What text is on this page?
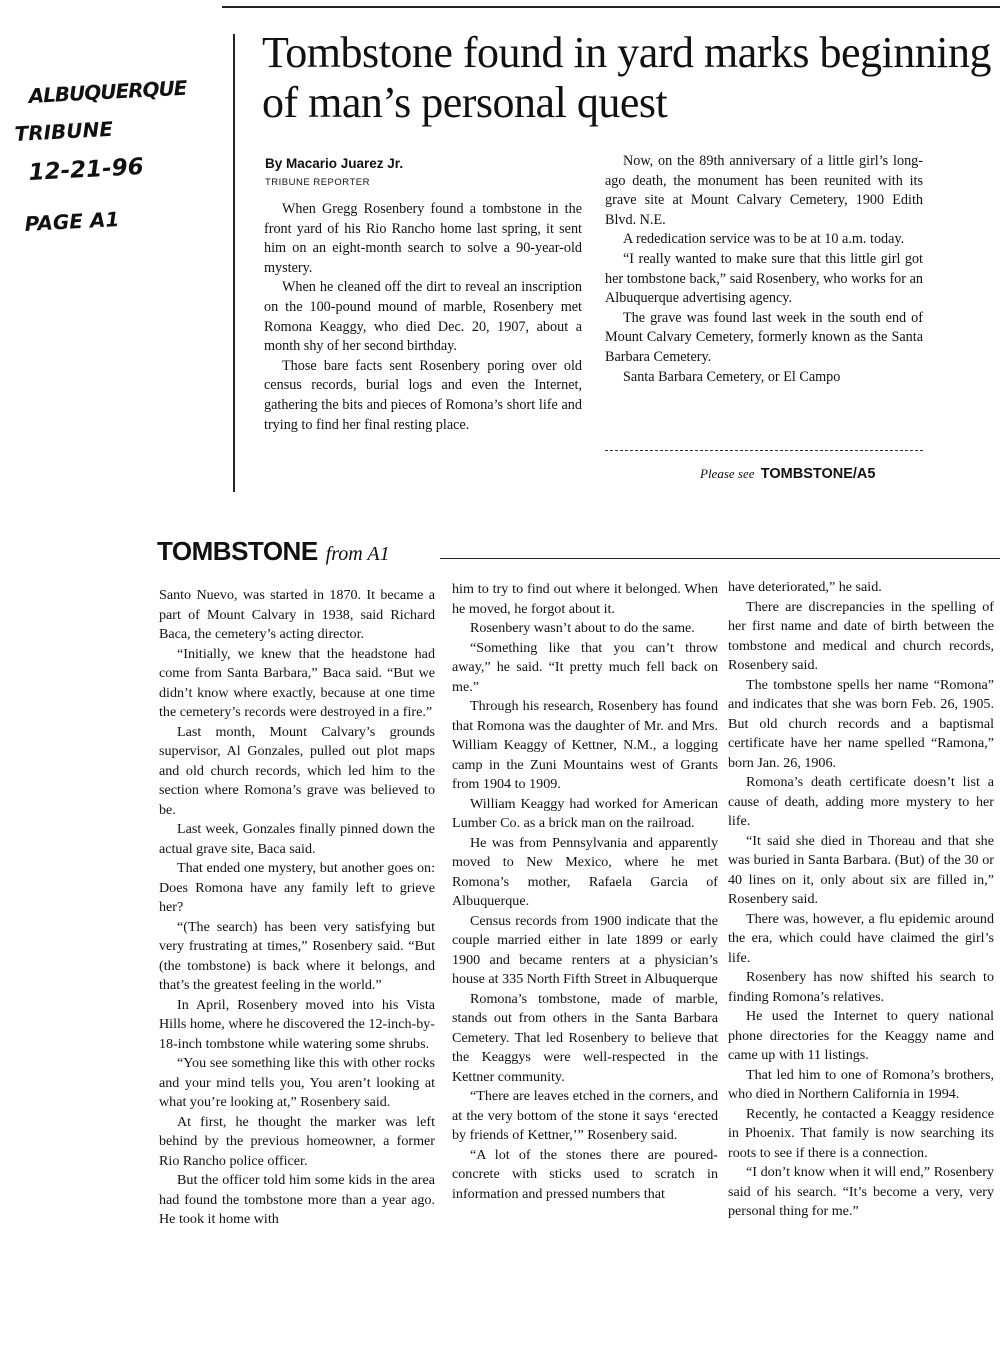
ALBUQUERQUE
TRIBUNE
12-21-96
PAGE A1
Tombstone found in yard marks beginning of man’s personal quest
By Macario Juarez Jr.
TRIBUNE REPORTER

When Gregg Rosenbery found a tombstone in the front yard of his Rio Rancho home last spring, it sent him on an eight-month search to solve a 90-year-old mystery.

When he cleaned off the dirt to reveal an inscription on the 100-pound mound of marble, Rosenbery met Romona Keaggy, who died Dec. 20, 1907, about a month shy of her second birthday.

Those bare facts sent Rosenbery poring over old census records, burial logs and even the Internet, gathering the bits and pieces of Romona’s short life and trying to find her final resting place.

Now, on the 89th anniversary of a little girl’s long-ago death, the monument has been reunited with its grave site at Mount Calvary Cemetery, 1900 Edith Blvd. N.E.

A rededication service was to be at 10 a.m. today.

“I really wanted to make sure that this little girl got her tombstone back,” said Rosenbery, who works for an Albuquerque advertising agency.

The grave was found last week in the south end of Mount Calvary Cemetery, formerly known as the Santa Barbara Cemetery.

Santa Barbara Cemetery, or El Campo

Please see TOMBSTONE/A5
TOMBSTONE from A1

Santo Nuevo, was started in 1870. It became a part of Mount Calvary in 1938, said Richard Baca, the cemetery’s acting director.

“Initially, we knew that the headstone had come from Santa Barbara,” Baca said. “But we didn’t know where exactly, because at one time the cemetery’s records were destroyed in a fire.”

Last month, Mount Calvary’s grounds supervisor, Al Gonzales, pulled out plot maps and old church records, which led him to the section where Romona’s grave was believed to be.

Last week, Gonzales finally pinned down the actual grave site, Baca said.

That ended one mystery, but another goes on: Does Romona have any family left to grieve her?

“(The search) has been very satisfying but very frustrating at times,” Rosenbery said. “But (the tombstone) is back where it belongs, and that’s the greatest feeling in the world.”

In April, Rosenbery moved into his Vista Hills home, where he discovered the 12-inch-by-18-inch tombstone while watering some shrubs.

“You see something like this with other rocks and your mind tells you, You aren’t looking at what you’re looking at,” Rosenbery said.

At first, he thought the marker was left behind by the previous homeowner, a former Rio Rancho police officer.

But the officer told him some kids in the area had found the tombstone more than a year ago. He took it home with

him to try to find out where it belonged. When he moved, he forgot about it.

Rosenbery wasn’t about to do the same.

“Something like that you can’t throw away,” he said. “It pretty much fell back on me.”

Through his research, Rosenbery has found that Romona was the daughter of Mr. and Mrs. William Keaggy of Kettner, N.M., a logging camp in the Zuni Mountains west of Grants from 1904 to 1909.

William Keaggy had worked for American Lumber Co. as a brick man on the railroad.

He was from Pennsylvania and apparently moved to New Mexico, where he met Romona’s mother, Rafaela Garcia of Albuquerque.

Census records from 1900 indicate that the couple married either in late 1899 or early 1900 and became renters at a physician’s house at 335 North Fifth Street in Albuquerque

Romona’s tombstone, made of marble, stands out from others in the Santa Barbara Cemetery. That led Rosenbery to believe that the Keaggys were well-respected in the Kettner community.

“There are leaves etched in the corners, and at the very bottom of the stone it says ‘erected by friends of Kettner,’” Rosenbery said.

“A lot of the stones there are poured-concrete with sticks used to scratch in information and pressed numbers that

have deteriorated,” he said.

There are discrepancies in the spelling of her first name and date of birth between the tombstone and medical and church records, Rosenbery said.

The tombstone spells her name “Romona” and indicates that she was born Feb. 26, 1905. But old church records and a baptismal certificate have her name spelled “Ramona,” born Jan. 26, 1906.

Romona’s death certificate doesn’t list a cause of death, adding more mystery to her life.

“It said she died in Thoreau and that she was buried in Santa Barbara. (But) of the 30 or 40 lines on it, only about six are filled in,” Rosenbery said.

There was, however, a flu epidemic around the era, which could have claimed the girl’s life.

Rosenbery has now shifted his search to finding Romona’s relatives.

He used the Internet to query national phone directories for the Keaggy name and came up with 11 listings.

That led him to one of Romona’s brothers, who died in Northern California in 1994.

Recently, he contacted a Keaggy residence in Phoenix. That family is now searching its roots to see if there is a connection.

“I don’t know when it will end,” Rosenbery said of his search. “It’s become a very, very personal thing for me.”
